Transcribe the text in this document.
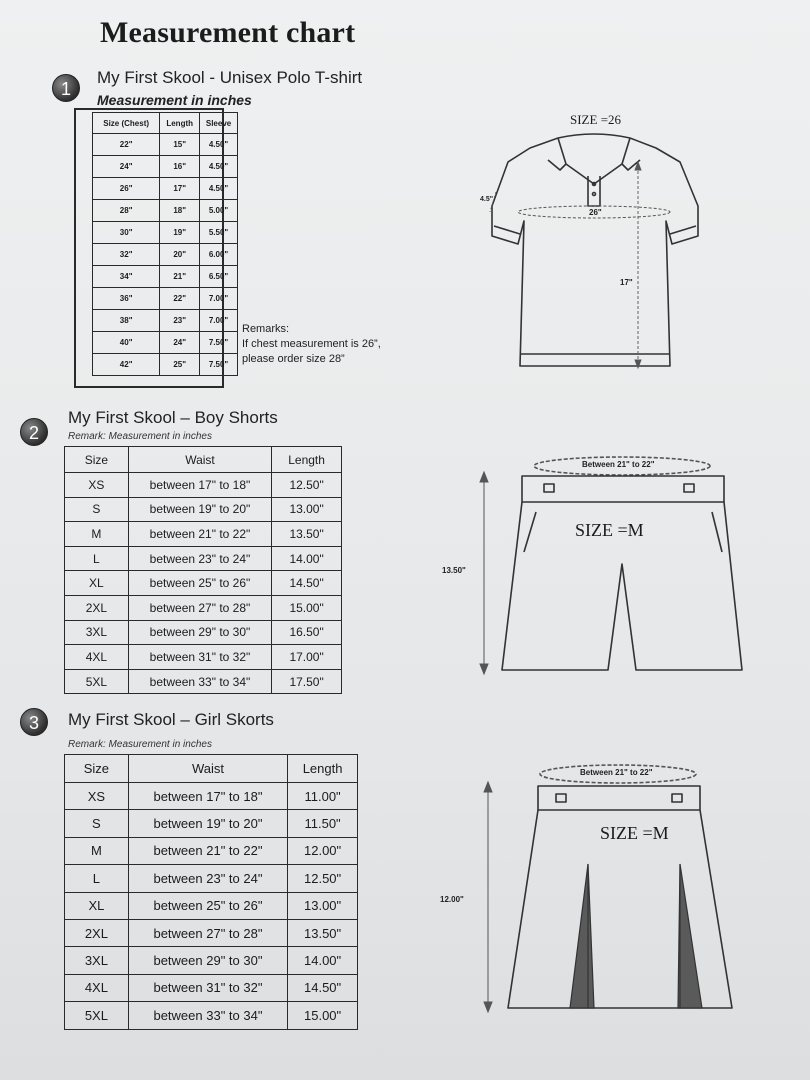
Measurement chart
1
My First Skool - Unisex Polo T-shirt
Measurement in inches
Size (Chest)	Length	Sleeve
22"	15"	4.50"
24"	16"	4.50"
26"	17"	4.50"
28"	18"	5.00"
30"	19"	5.50"
32"	20"	6.00"
34"	21"	6.50"
36"	22"	7.00"
38"	23"	7.00"
40"	24"	7.50"
42"	25"	7.50"
Remarks:
If chest measurement is 26”,
please order size 28”
SIZE =26
26"
4.5"
17"
2
My First Skool – Boy Shorts
Remark: Measurement in inches
Size	Waist	Length
XS	between 17" to 18"	12.50"
S	between 19" to 20"	13.00"
M	between 21" to 22"	13.50"
L	between 23" to 24"	14.00"
XL	between 25" to 26"	14.50"
2XL	between 27" to 28"	15.00"
3XL	between 29" to 30"	16.50"
4XL	between 31" to 32"	17.00"
5XL	between 33" to 34"	17.50"
Between 21" to 22"
SIZE =M
13.50"
3	My First Skool – Girl Skorts
Remark: Measurement in inches
Size	Waist	Length
XS	between 17" to 18"	11.00"
S	between 19" to 20"	11.50"
M	between 21" to 22"	12.00"
L	between 23" to 24"	12.50"
XL	between 25" to 26"	13.00"
2XL	between 27" to 28"	13.50"
3XL	between 29" to 30"	14.00"
4XL	between 31" to 32"	14.50"
5XL	between 33" to 34"	15.00"
Between 21" to 22"
SIZE =M
12.00"
